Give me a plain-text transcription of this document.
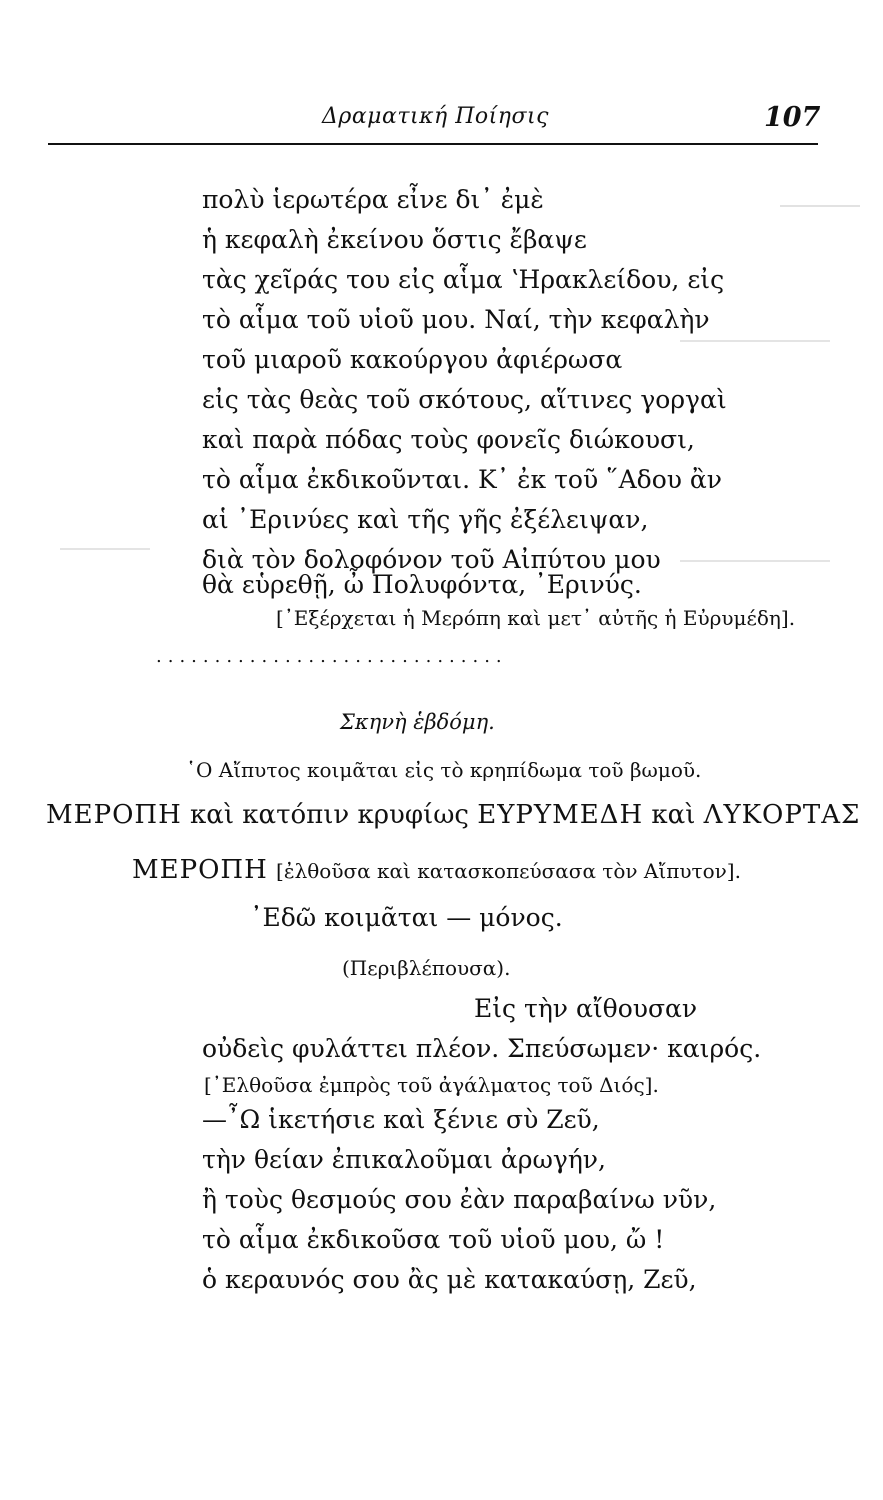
Δραματική Ποίησις	107
πολὺ ἱερωτέρα εἶνε δι᾽ ἐμὲ
ἡ κεφαλὴ ἐκείνου ὅστις ἔβαψε
τὰς χεῖράς του εἰς αἷμα ʽΗρακλείδου, εἰς
τὸ αἷμα τοῦ υἱοῦ μου. Ναί, τὴν κεφαλὴν
τοῦ μιαροῦ κακούργου ἀφιέρωσα
εἰς τὰς θεὰς τοῦ σκότους, αἵτινες γοργαὶ
καὶ παρὰ πόδας τοὺς φονεῖς διώκουσι,
τὸ αἷμα ἐκδικοῦνται. Κ᾽ ἐκ τοῦ ῞Αδου ἂν
αἱ ᾽Ερινύες καὶ τῆς γῆς ἐξέλειψαν,
διὰ τὸν δολοφόνον τοῦ Αἰπύτου μου
θὰ εὑρεθῇ, ὦ Πολυφόντα, ᾽Ερινύς.
[᾽Εξέρχεται ἡ Μερόπη καὶ μετ᾽ αὐτῆς ἡ Εὐρυμέδη].
..............................
Σκηνὴ ἑβδόμη.
῾Ο Αἴπυτος κοιμᾶται εἰς τὸ κρηπίδωμα τοῦ βωμοῦ.
ΜΕΡΟΠΗ καὶ κατόπιν κρυφίως ΕΥΡΥΜΕΔΗ καὶ ΛΥΚΟΡΤΑΣ
ΜΕΡΟΠΗ [ἐλθοῦσα καὶ κατασκοπεύσασα τὸν Αἴπυτον].
᾽Εδῶ κοιμᾶται — μόνος.
(Περιβλέπουσα).
Εἰς τὴν αἴθουσαν
οὐδεὶς φυλάττει πλέον. Σπεύσωμεν· καιρός.
[᾽Ελθοῦσα ἐμπρὸς τοῦ ἀγάλματος τοῦ Διός].
—῏Ω ἱκετήσιε καὶ ξένιε σὺ Ζεῦ,
τὴν θείαν ἐπικαλοῦμαι ἀρωγήν,
ἢ τοὺς θεσμούς σου ἐὰν παραβαίνω νῦν,
τὸ αἷμα ἐκδικοῦσα τοῦ υἱοῦ μου, ὤ !
ὁ κεραυνός σου ἂς μὲ κατακαύσῃ, Ζεῦ,
